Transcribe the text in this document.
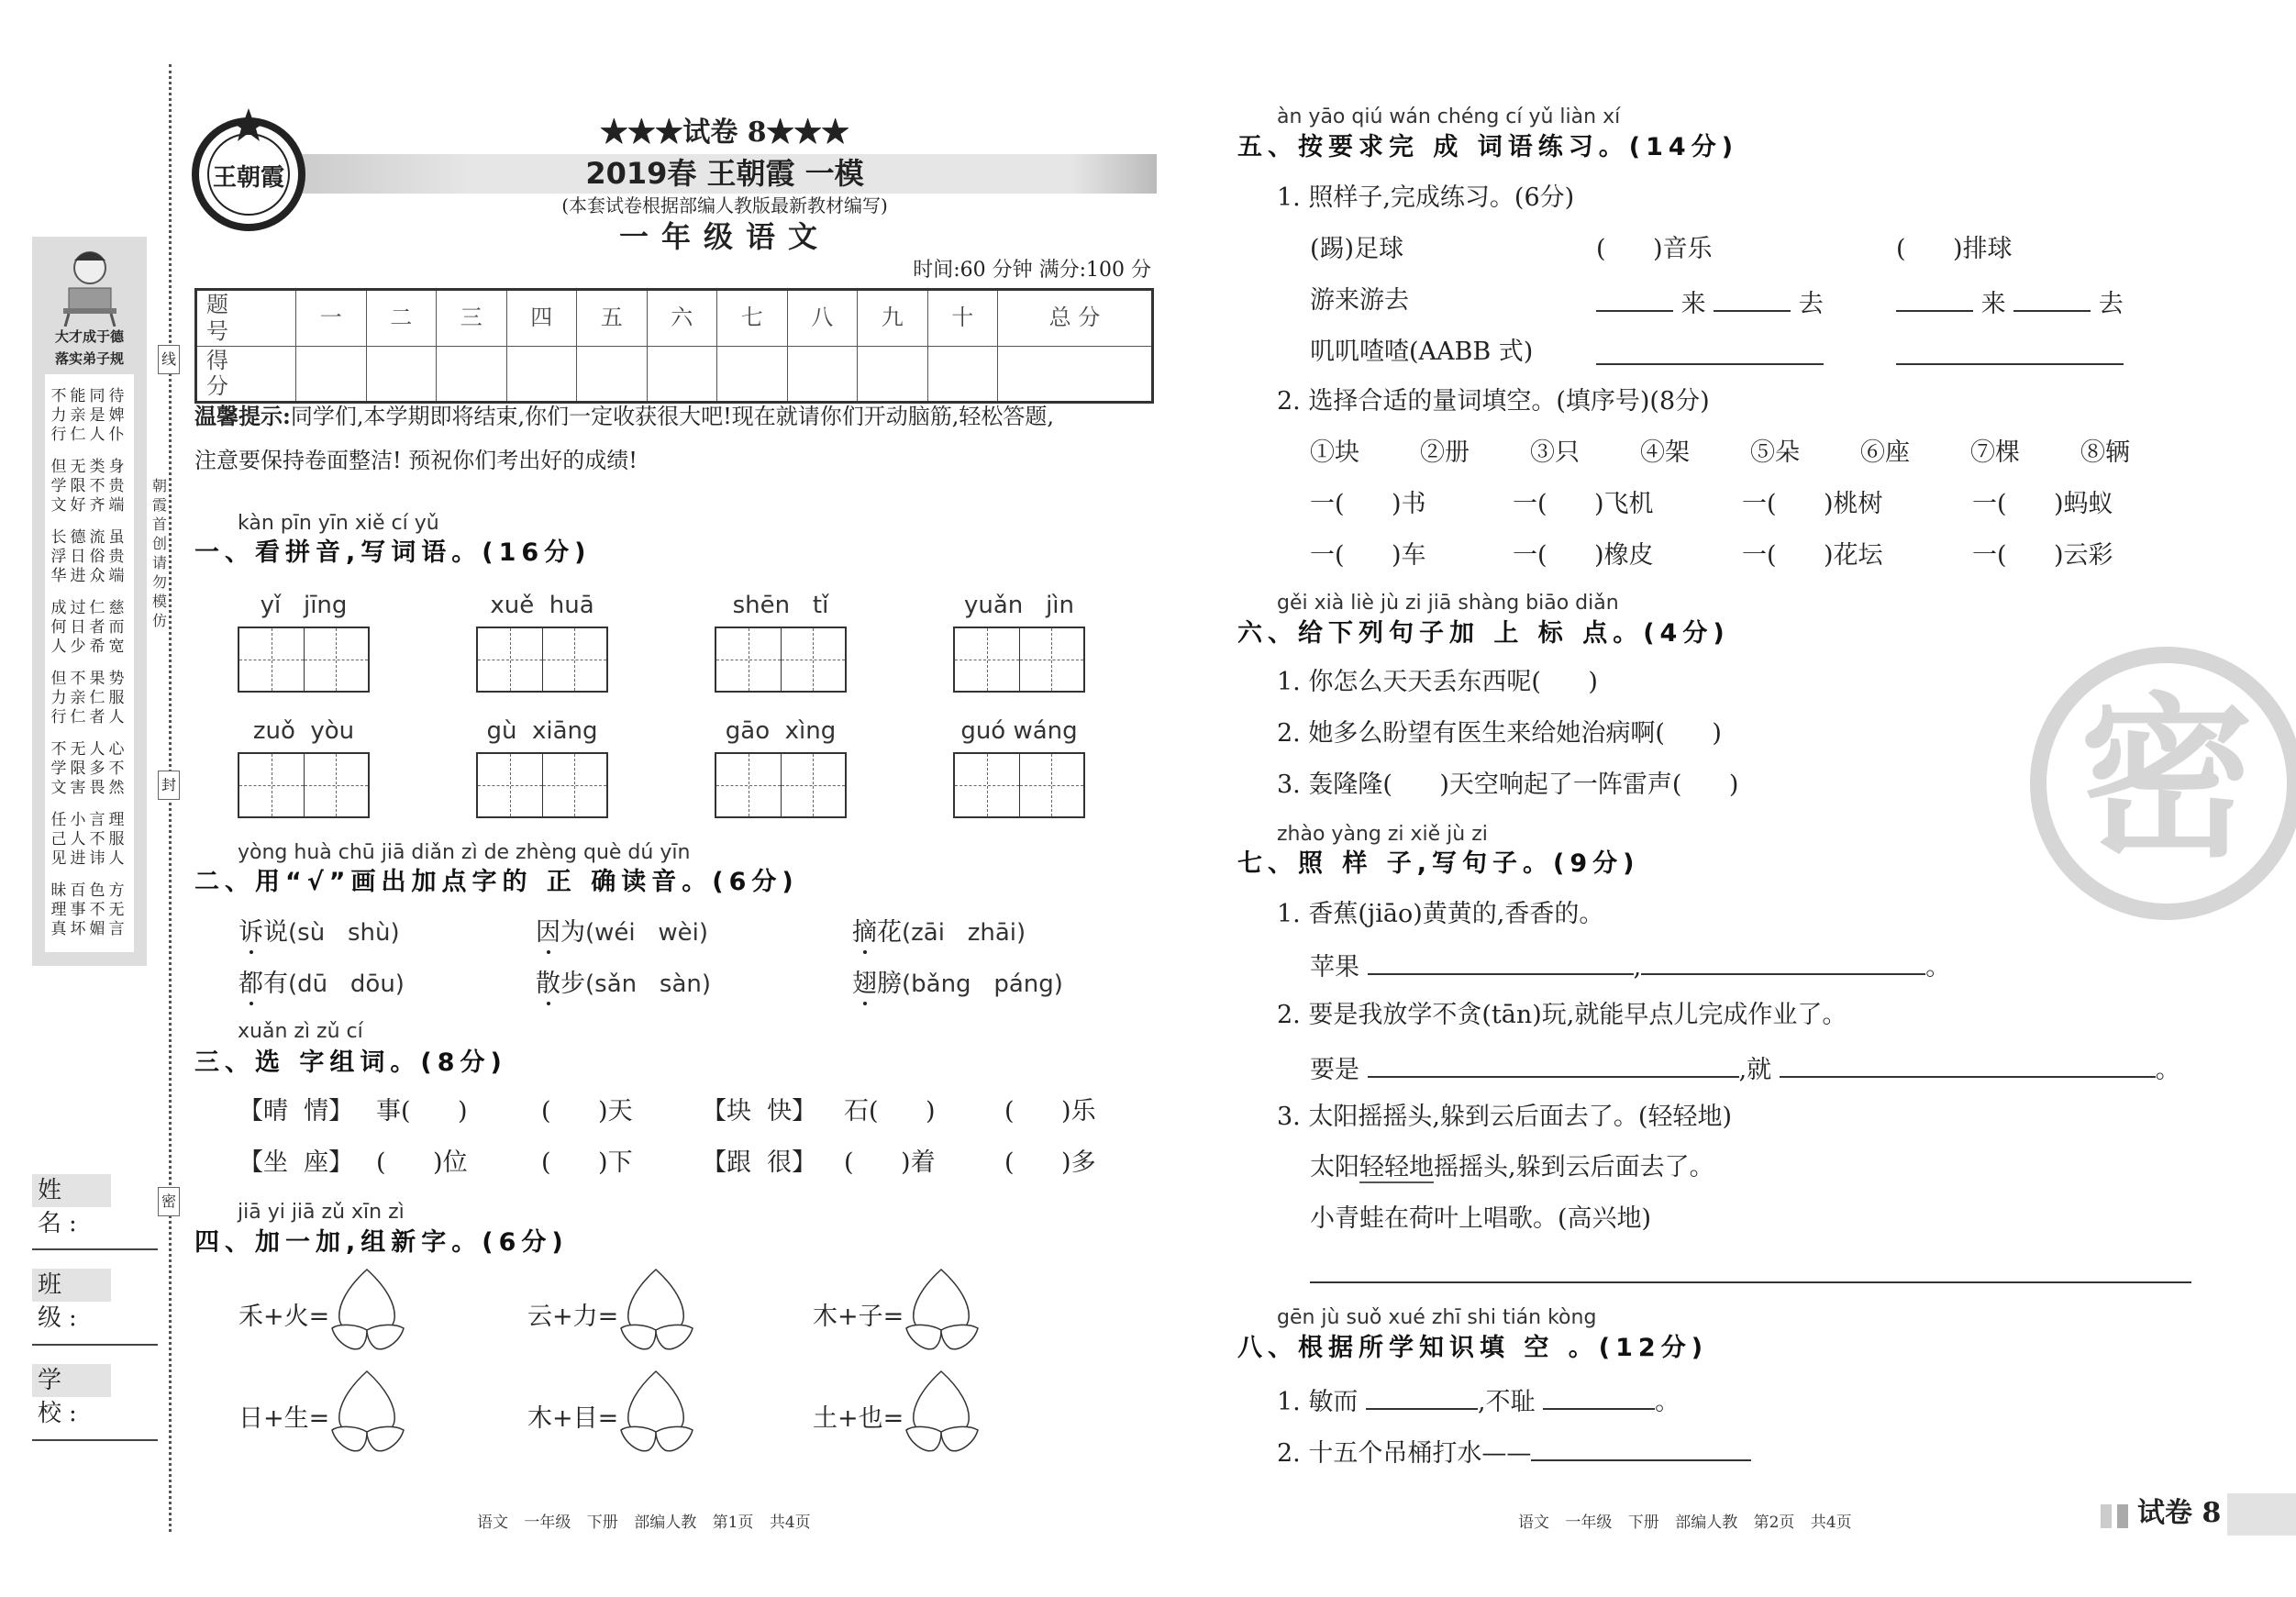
大才成于德
落实弟子规
不能同待
力亲是婢
行仁人仆
但无类身
学限不贵
文好齐端
长德流虽
浮日俗贵
华进众端
成过仁慈
何日者而
人少希宽
但不果势
力亲仁服
行仁者人
不无人心
学限多不
文害畏然
任小言理
己人不服
见进讳人
昧百色方
理事不无
真坏媚言
线
封
密
朝霞首创 请勿模仿
姓 名:
班 级:
学 校:
王朝霞
★★★试卷 8★★★
2019春 王朝霞 一模
(本套试卷根据部编人教版最新教材编写)
一年级语文
时间:60 分钟 满分:100 分
题 号	一	二	三	四	五	六	七	八	九	十	总 分
得 分											
温馨提示:同学们,本学期即将结束,你们一定收获很大吧!现在就请你们开动脑筋,轻松答题,
注意要保持卷面整洁! 预祝你们考出好的成绩!
kàn pīn yīn xiě cí yǔ
一、看拼音,写词语。(16分)
yǐ   jīng	xuě  huā	shēn   tǐ	yuǎn   jìn
zuǒ  yòu	gù  xiāng	gāo  xìng	guó wáng
yòng huà chū jiā diǎn zì de zhèng què dú yīn
二、用“√”画出加点字的 正 确读音。(6分)
诉说(sù   shù)	因为(wéi   wèi)	摘花(zāi   zhāi)
都有(dū   dōu)	散步(sǎn   sàn)	翅膀(bǎng   páng)
xuǎn zì zǔ cí
三、选 字组词。(8分)
【晴  情】 事(      )	(      )天	【块  快】 石(      )	(      )乐
【坐  座】 (      )位	(      )下	【跟  很】 (      )着	(      )多
jiā yi jiā zǔ xīn zì
四、加一加,组新字。(6分)
禾+火=	云+力=	木+子=
日+生=	木+目=	土+也=
语文 一年级 下册 部编人教 第1页 共4页
密
àn yāo qiú wán chéng cí yǔ liàn xí
五、按要求完 成 词语练习。(14分)
1. 照样子,完成练习。(6分)
(踢)足球	(      )音乐	(      )排球
游来游去	来	去	来	去
叽叽喳喳(AABB 式)
2. 选择合适的量词填空。(填序号)(8分)
①块 ②册 ③只 ④架 ⑤朵 ⑥座 ⑦棵 ⑧辆
一(      )书	一(      )飞机	一(      )桃树	一(      )蚂蚁
一(      )车	一(      )橡皮	一(      )花坛	一(      )云彩
gěi xià liè jù zi jiā shàng biāo diǎn
六、给下列句子加 上 标 点。(4分)
1. 你怎么天天丢东西呢(      )
2. 她多么盼望有医生来给她治病啊(      )
3. 轰隆隆(      )天空响起了一阵雷声(      )
zhào yàng zi xiě jù zi
七、照 样 子,写句子。(9分)
1. 香蕉(jiāo)黄黄的,香香的。
苹果	,	。
2. 要是我放学不贪(tān)玩,就能早点儿完成作业了。
要是	,就	。
3. 太阳摇摇头,躲到云后面去了。(轻轻地)
太阳轻轻地摇摇头,躲到云后面去了。
小青蛙在荷叶上唱歌。(高兴地)
gēn jù suǒ xué zhī shi tián kòng
八、根据所学知识填 空 。(12分)
1. 敏而	,不耻	。
2. 十五个吊桶打水——
语文 一年级 下册 部编人教 第2页 共4页	试卷 8
